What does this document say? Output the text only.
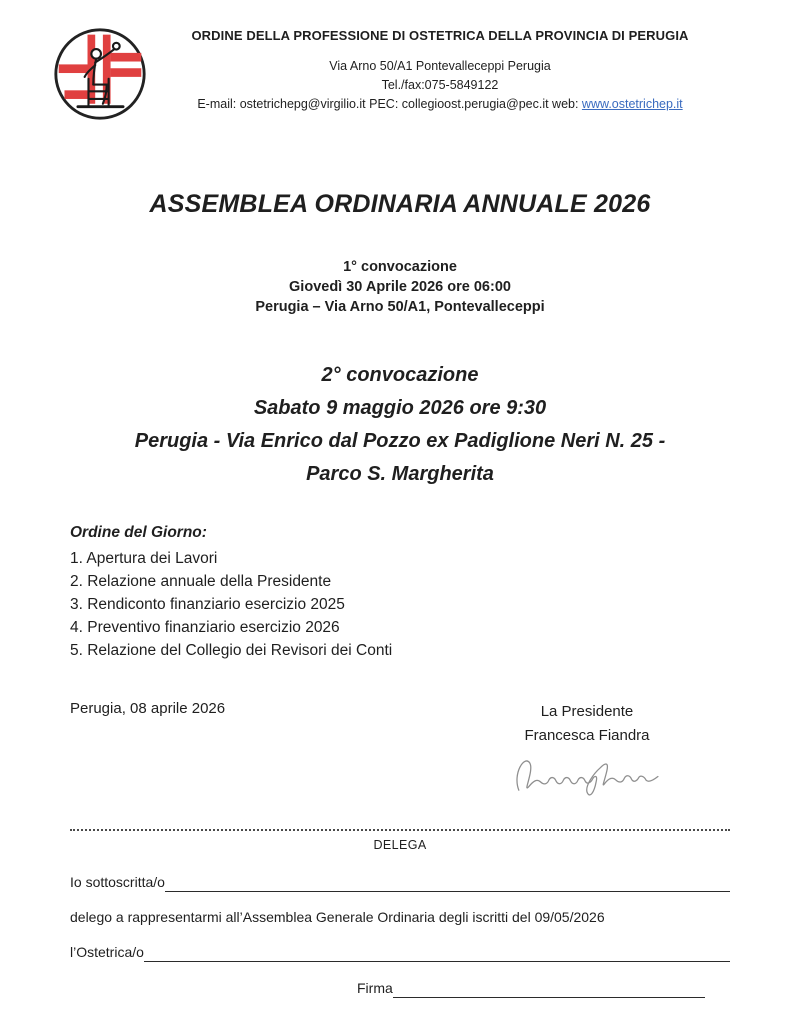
ORDINE DELLA PROFESSIONE DI OSTETRICA DELLA PROVINCIA DI PERUGIA
Via Arno 50/A1 Pontevalleceppi Perugia
Tel./fax:075-5849122
E-mail: ostetrichepg@virgilio.it PEC: collegioost.perugia@pec.it web: www.ostetrichep.it
ASSEMBLEA ORDINARIA ANNUALE 2026
1° convocazione
Giovedì 30 Aprile 2026 ore 06:00
Perugia – Via Arno 50/A1, Pontevalleceppi
2° convocazione
Sabato 9 maggio 2026 ore 9:30
Perugia - Via Enrico dal Pozzo ex Padiglione Neri N. 25 -
Parco S. Margherita
Ordine del Giorno:
1. Apertura dei Lavori
2. Relazione annuale della Presidente
3. Rendiconto finanziario esercizio 2025
4. Preventivo finanziario esercizio 2026
5. Relazione del Collegio dei Revisori dei Conti
Perugia, 08 aprile 2026	La Presidente
Francesca Fiandra
DELEGA
Io sottoscritta/o
delego a rappresentarmi all’Assemblea Generale Ordinaria degli iscritti del 09/05/2026
l’Ostetrica/o
Firma
